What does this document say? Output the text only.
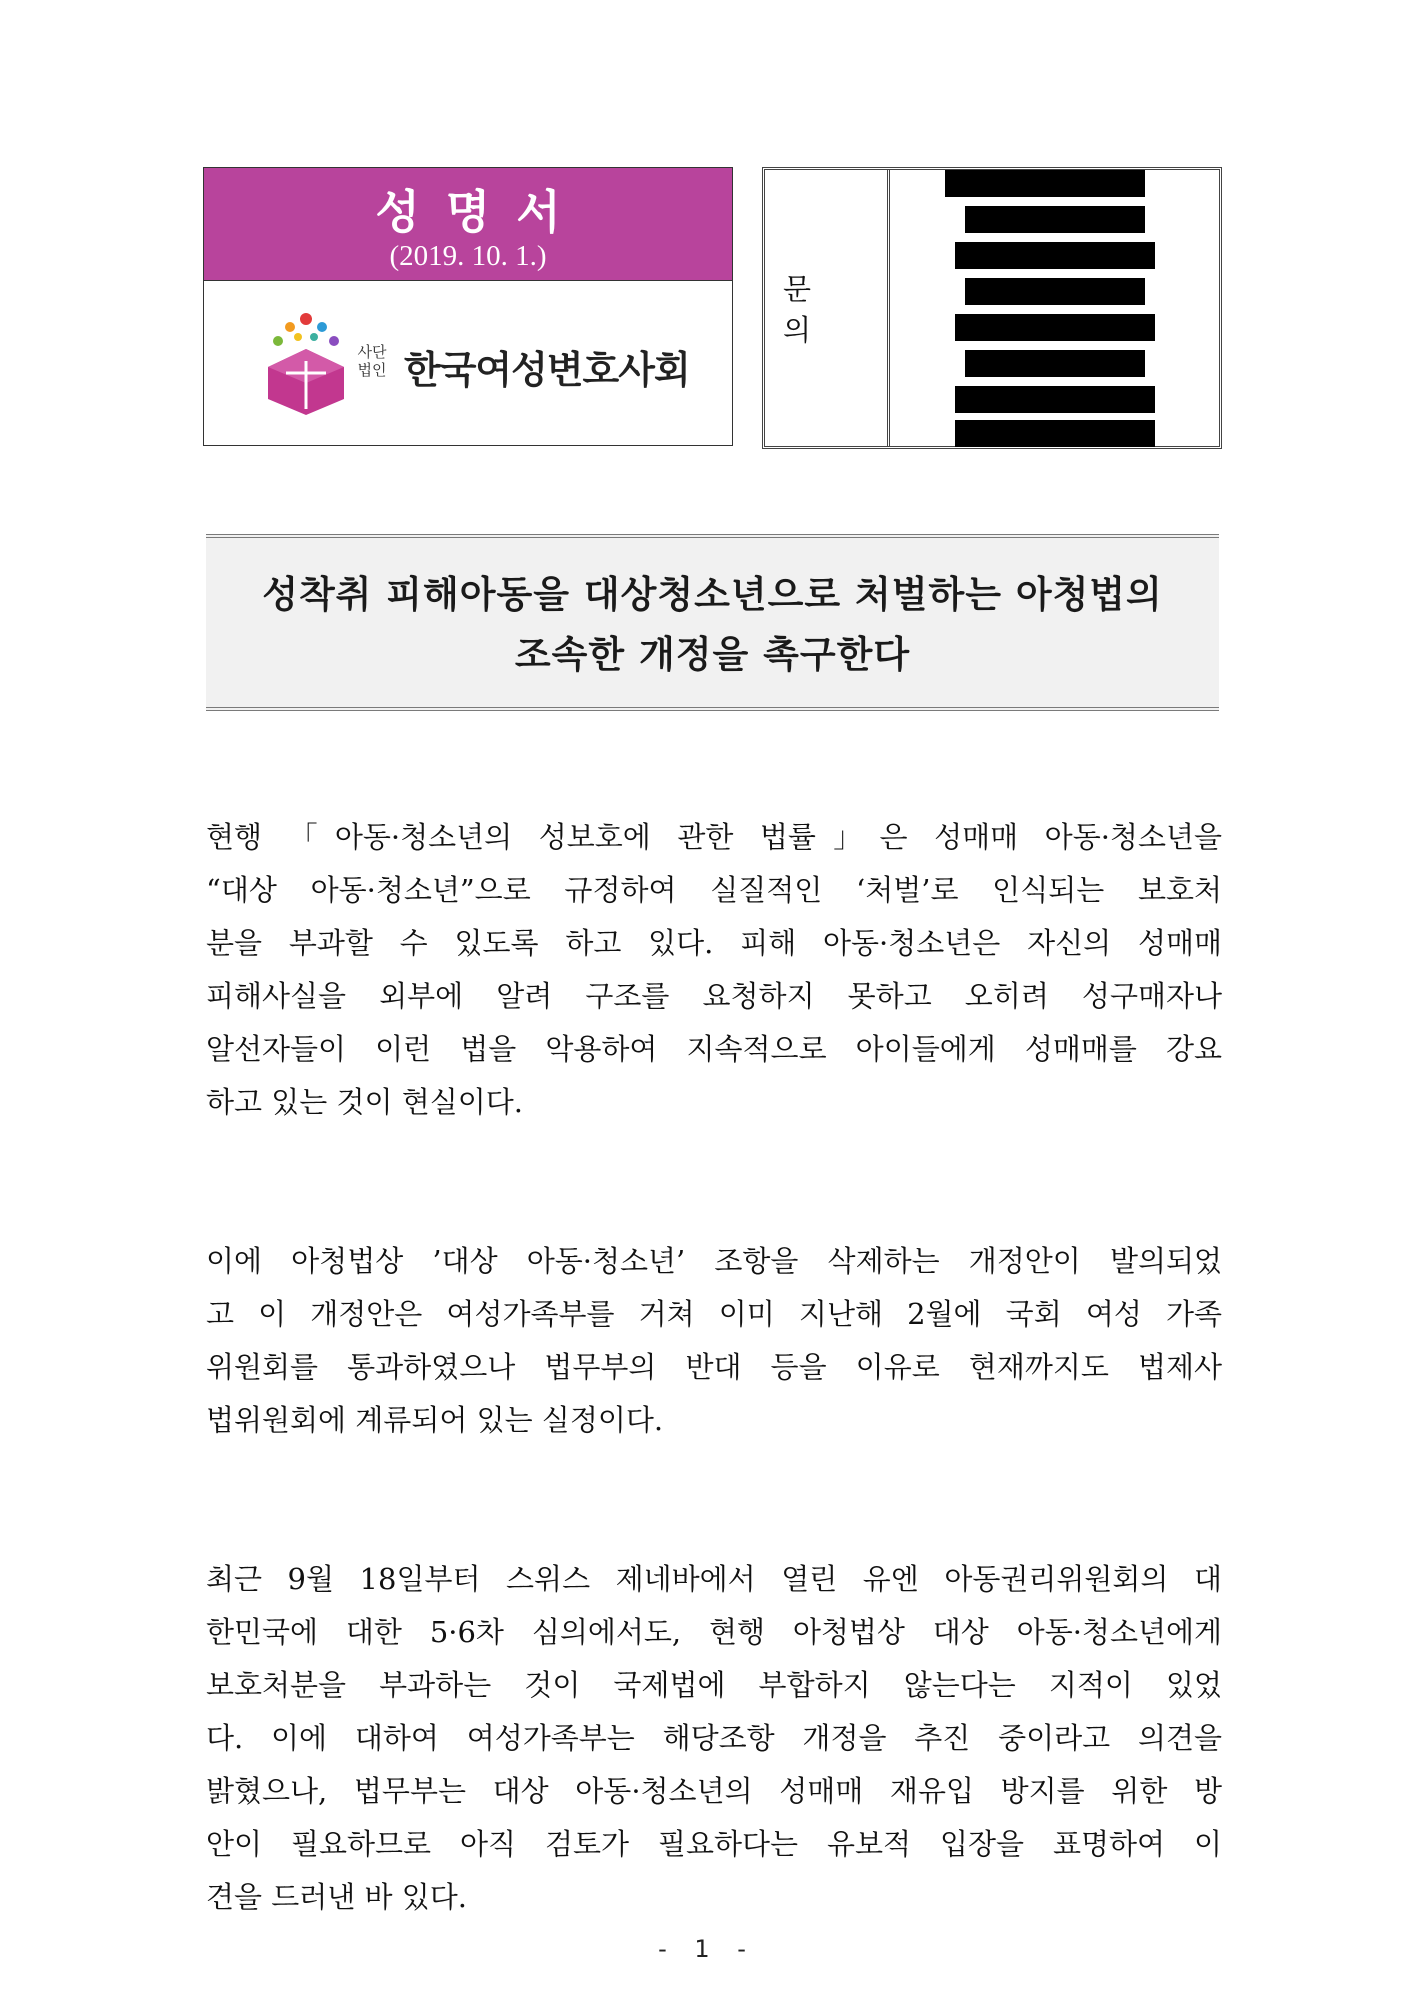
성명서
(2019. 10. 1.)
사단
법인 한국여성변호사회
문 의
성착취 피해아동을 대상청소년으로 처벌하는 아청법의
조속한 개정을 촉구한다
현행 「아동·청소년의 성보호에 관한 법률」은 성매매 아동·청소년을
“대상 아동·청소년”으로 규정하여 실질적인 ‘처벌’로 인식되는 보호처
분을 부과할 수 있도록 하고 있다. 피해 아동·청소년은 자신의 성매매
피해사실을 외부에 알려 구조를 요청하지 못하고 오히려 성구매자나
알선자들이 이런 법을 악용하여 지속적으로 아이들에게 성매매를 강요
하고 있는 것이 현실이다.
이에 아청법상 ’대상 아동·청소년’ 조항을 삭제하는 개정안이 발의되었
고 이 개정안은 여성가족부를 거쳐 이미 지난해 2월에 국회 여성 가족
위원회를 통과하였으나 법무부의 반대 등을 이유로 현재까지도 법제사
법위원회에 계류되어 있는 실정이다.
최근 9월 18일부터 스위스 제네바에서 열린 유엔 아동권리위원회의 대
한민국에 대한 5·6차 심의에서도, 현행 아청법상 대상 아동·청소년에게
보호처분을 부과하는 것이 국제법에 부합하지 않는다는 지적이 있었
다. 이에 대하여 여성가족부는 해당조항 개정을 추진 중이라고 의견을
밝혔으나, 법무부는 대상 아동·청소년의 성매매 재유입 방지를 위한 방
안이 필요하므로 아직 검토가 필요하다는 유보적 입장을 표명하여 이
견을 드러낸 바 있다.
- 1 -
